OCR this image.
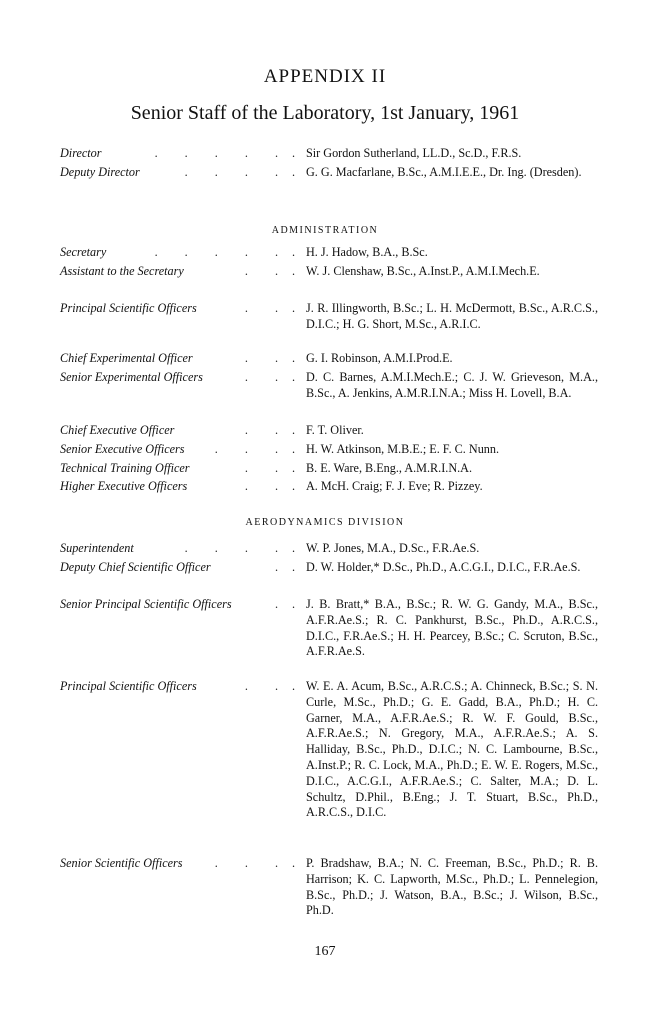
APPENDIX II
Senior Staff of the Laboratory, 1st January, 1961
Director	. . . . . . Sir Gordon Sutherland, LL.D., Sc.D., F.R.S.
Deputy Director	. . . . . G. G. Macfarlane, B.Sc., A.M.I.E.E., Dr. Ing. (Dresden).
ADMINISTRATION
Secretary	. . . . . . H. J. Hadow, B.A., B.Sc.
Assistant to the Secretary	. . . W. J. Clenshaw, B.Sc., A.Inst.P., A.M.I.Mech.E.
Principal Scientific Officers	. . . J. R. Illingworth, B.Sc.; L. H. McDermott, B.Sc., A.R.C.S., D.I.C.; H. G. Short, M.Sc., A.R.I.C.
Chief Experimental Officer	. . . G. I. Robinson, A.M.I.Prod.E.
Senior Experimental Officers	. . . D. C. Barnes, A.M.I.Mech.E.; C. J. W. Grieveson, M.A., B.Sc., A. Jenkins, A.M.R.I.N.A.; Miss H. Lovell, B.A.
Chief Executive Officer	. . . F. T. Oliver.
Senior Executive Officers	. . . . H. W. Atkinson, M.B.E.; E. F. C. Nunn.
Technical Training Officer	. . . B. E. Ware, B.Eng., A.M.R.I.N.A.
Higher Executive Officers	. . . A. McH. Craig; F. J. Eve; R. Pizzey.
AERODYNAMICS DIVISION
Superintendent	. . . . . W. P. Jones, M.A., D.Sc., F.R.Ae.S.
Deputy Chief Scientific Officer	. . D. W. Holder,* D.Sc., Ph.D., A.C.G.I., D.I.C., F.R.Ae.S.
Senior Principal Scientific Officers	. . J. B. Bratt,* B.A., B.Sc.; R. W. G. Gandy, M.A., B.Sc., A.F.R.Ae.S.; R. C. Pankhurst, B.Sc., Ph.D., A.R.C.S., D.I.C., F.R.Ae.S.; H. H. Pearcey, B.Sc.; C. Scruton, B.Sc., A.F.R.Ae.S.
Principal Scientific Officers	. . . W. E. A. Acum, B.Sc., A.R.C.S.; A. Chinneck, B.Sc.; S. N. Curle, M.Sc., Ph.D.; G. E. Gadd, B.A., Ph.D.; H. C. Garner, M.A., A.F.R.Ae.S.; R. W. F. Gould, B.Sc., A.F.R.Ae.S.; N. Gregory, M.A., A.F.R.Ae.S.; A. S. Halliday, B.Sc., Ph.D., D.I.C.; N. C. Lambourne, B.Sc., A.Inst.P.; R. C. Lock, M.A., Ph.D.; E. W. E. Rogers, M.Sc., D.I.C., A.C.G.I., A.F.R.Ae.S.; C. Salter, M.A.; D. L. Schultz, D.Phil., B.Eng.; J. T. Stuart, B.Sc., Ph.D., A.R.C.S., D.I.C.
Senior Scientific Officers	. . . . P. Bradshaw, B.A.; N. C. Freeman, B.Sc., Ph.D.; R. B. Harrison; K. C. Lapworth, M.Sc., Ph.D.; L. Pennelegion, B.Sc., Ph.D.; J. Watson, B.A., B.Sc.; J. Wilson, B.Sc., Ph.D.
167
